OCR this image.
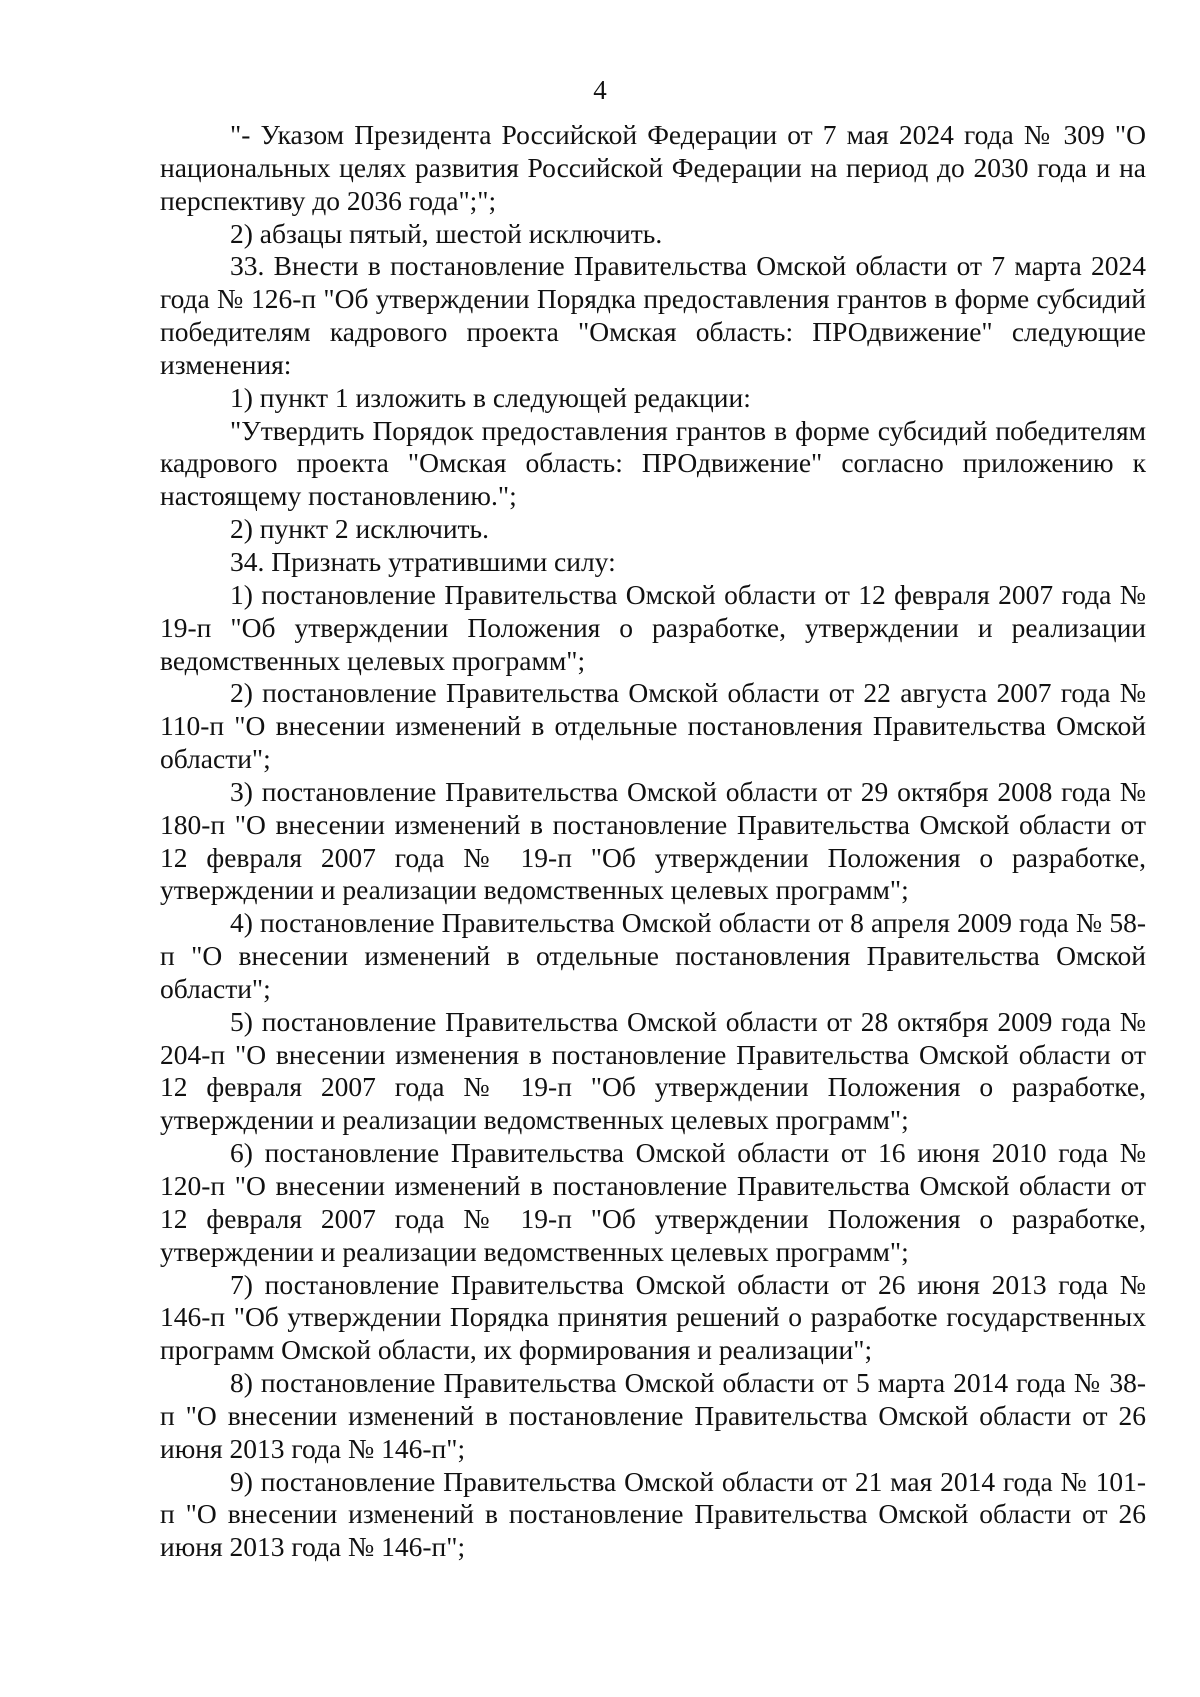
4

"- Указом Президента Российской Федерации от 7 мая 2024 года № 309 "О национальных целях развития Российской Федерации на период до 2030 года и на перспективу до 2036 года";";

2) абзацы пятый, шестой исключить.

33. Внести в постановление Правительства Омской области от 7 марта 2024 года № 126-п "Об утверждении Порядка предоставления грантов в форме субсидий победителям кадрового проекта "Омская область: ПРОдвижение" следующие изменения:

1) пункт 1 изложить в следующей редакции:

"Утвердить Порядок предоставления грантов в форме субсидий победителям кадрового проекта "Омская область: ПРОдвижение" согласно приложению к настоящему постановлению.";

2) пункт 2 исключить.

34. Признать утратившими силу:

1) постановление Правительства Омской области от 12 февраля 2007 года № 19-п "Об утверждении Положения о разработке, утверждении и реализации ведомственных целевых программ";

2) постановление Правительства Омской области от 22 августа 2007 года № 110-п "О внесении изменений в отдельные постановления Правительства Омской области";

3) постановление Правительства Омской области от 29 октября 2008 года № 180-п "О внесении изменений в постановление Правительства Омской области от 12 февраля 2007 года № 19-п "Об утверждении Положения о разработке, утверждении и реализации ведомственных целевых программ";

4) постановление Правительства Омской области от 8 апреля 2009 года № 58-п "О внесении изменений в отдельные постановления Правительства Омской области";

5) постановление Правительства Омской области от 28 октября 2009 года № 204-п "О внесении изменения в постановление Правительства Омской области от 12 февраля 2007 года № 19-п "Об утверждении Положения о разработке, утверждении и реализации ведомственных целевых программ";

6) постановление Правительства Омской области от 16 июня 2010 года № 120-п "О внесении изменений в постановление Правительства Омской области от 12 февраля 2007 года № 19-п "Об утверждении Положения о разработке, утверждении и реализации ведомственных целевых программ";

7) постановление Правительства Омской области от 26 июня 2013 года № 146-п "Об утверждении Порядка принятия решений о разработке государственных программ Омской области, их формирования и реализации";

8) постановление Правительства Омской области от 5 марта 2014 года № 38-п "О внесении изменений в постановление Правительства Омской области от 26 июня 2013 года № 146-п";

9) постановление Правительства Омской области от 21 мая 2014 года № 101-п "О внесении изменений в постановление Правительства Омской области от 26 июня 2013 года № 146-п";
